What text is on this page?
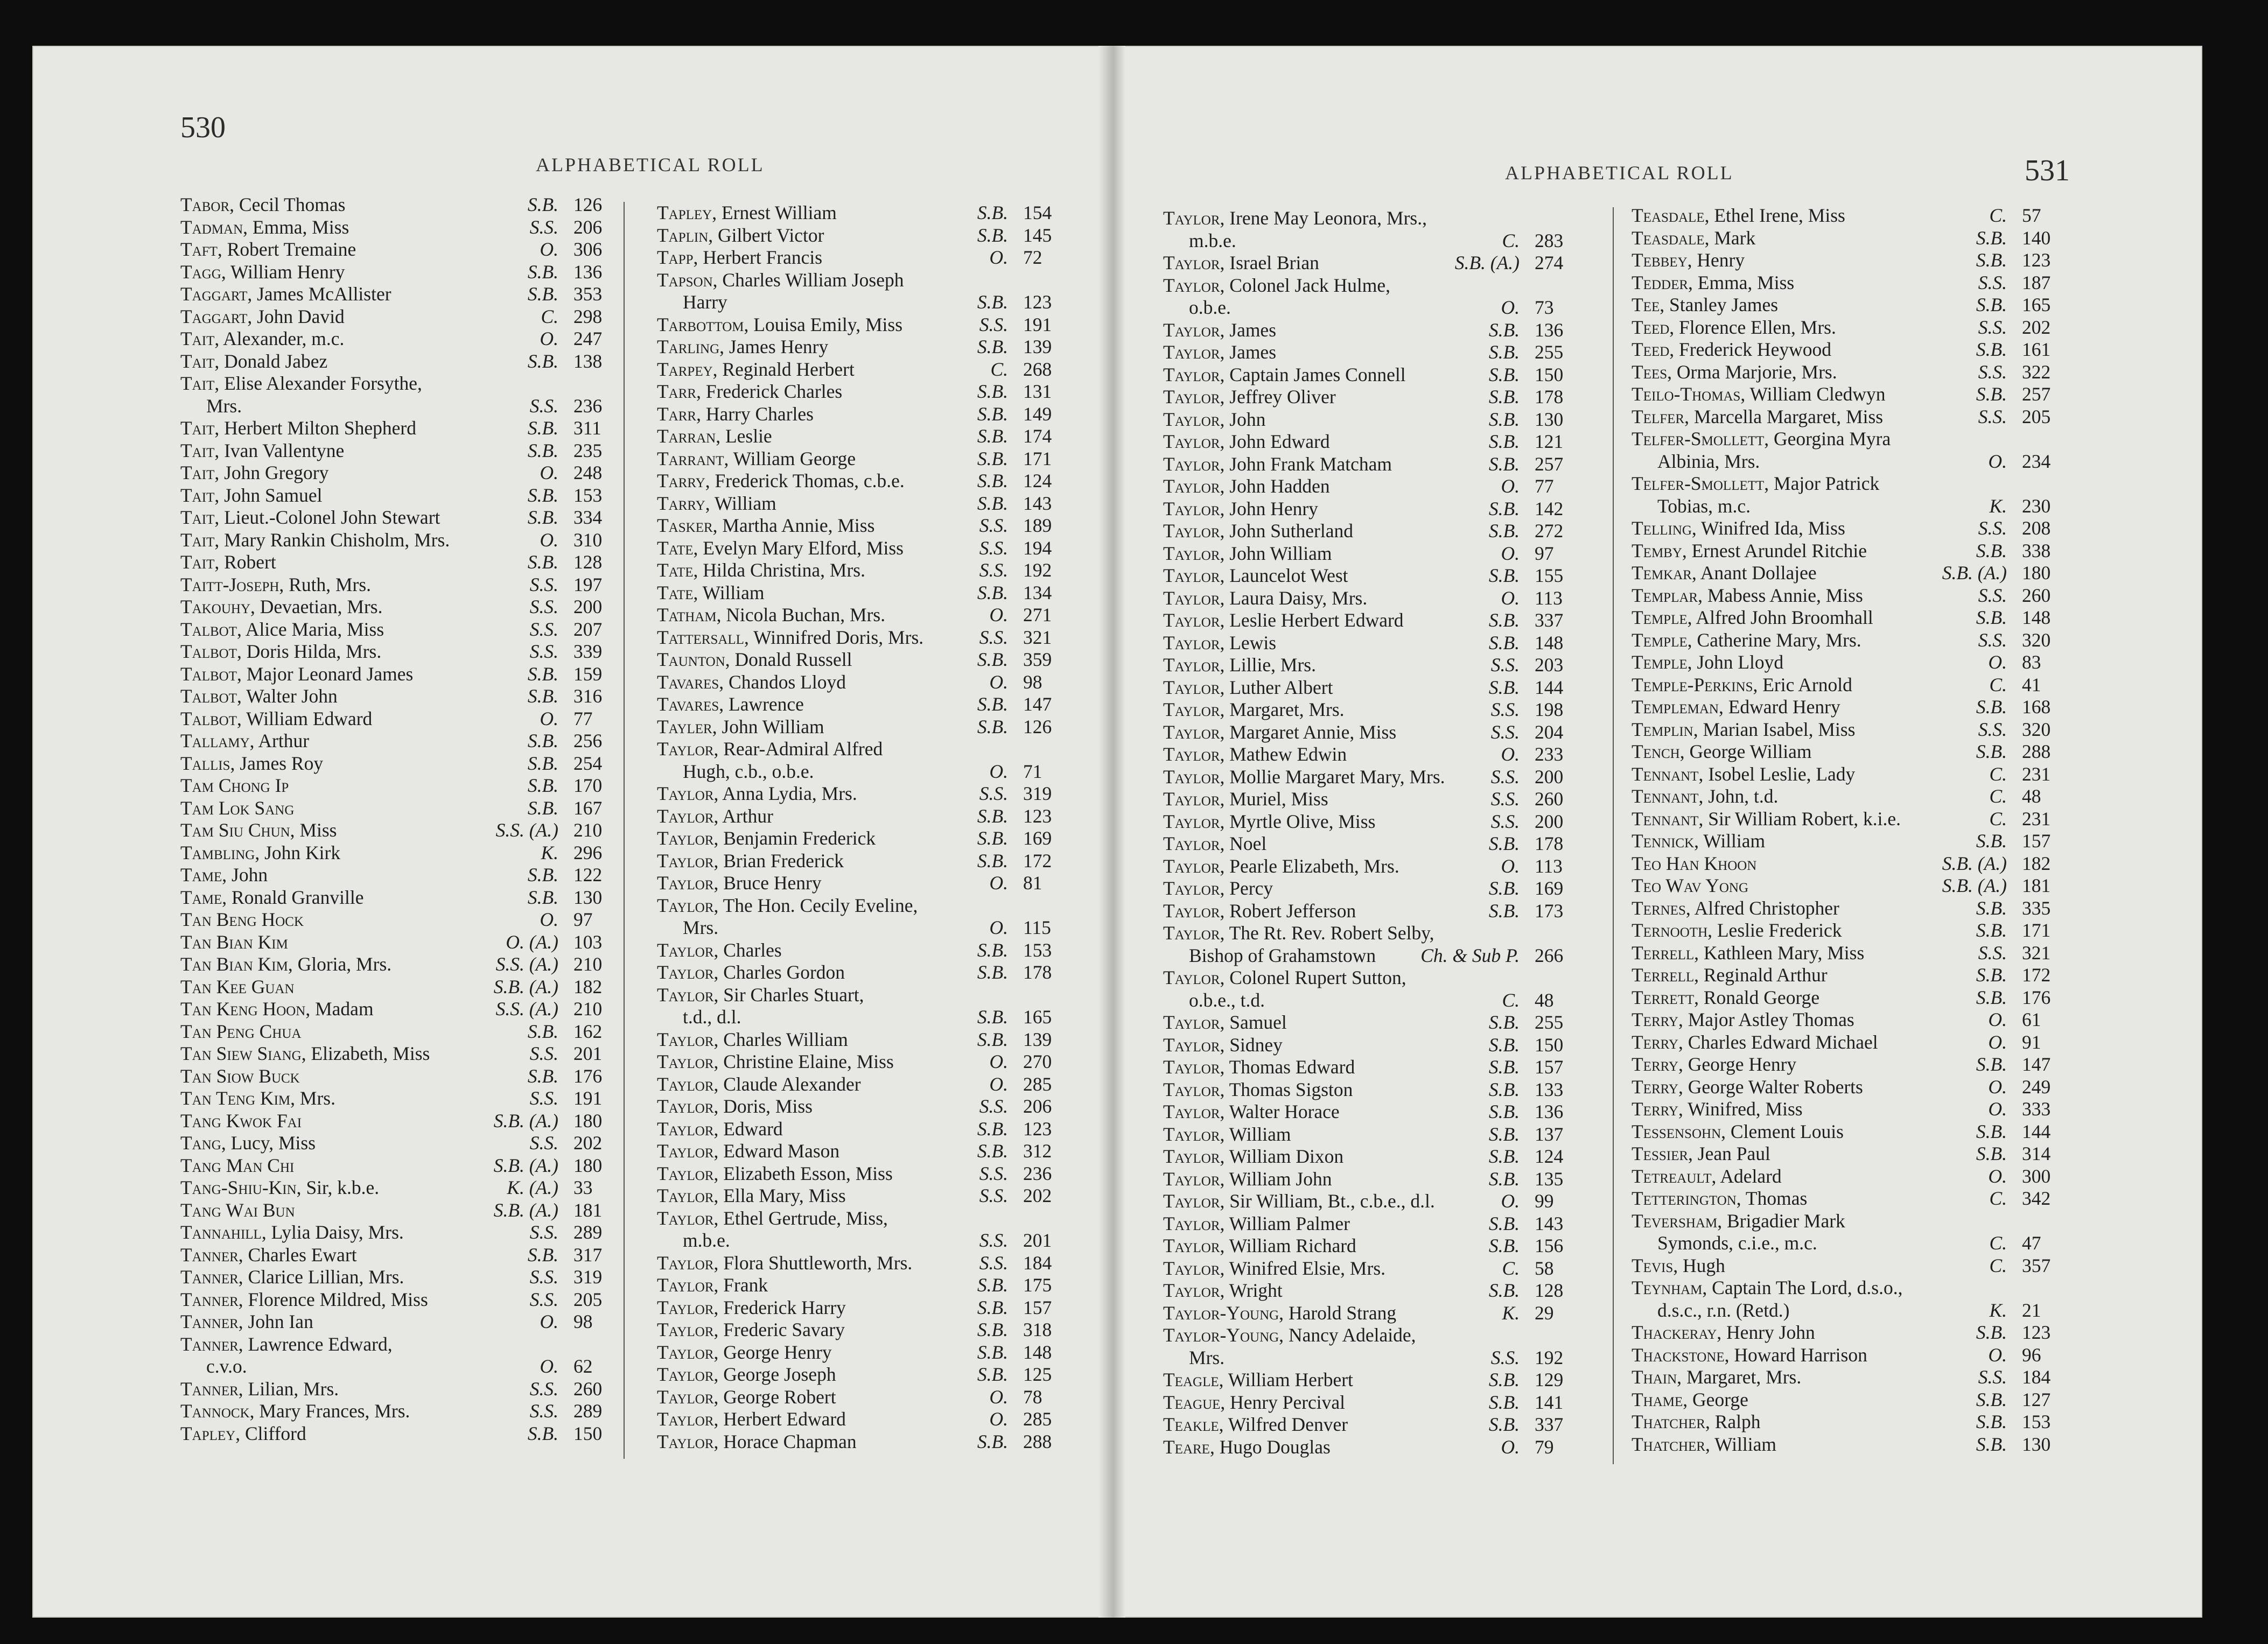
530
ALPHABETICAL ROLL	ALPHABETICAL ROLL	531
Tabor, Cecil Thomas	S.B. 126
Tadman, Emma, Miss	S.S. 206
Taft, Robert Tremaine	O. 306
Tagg, William Henry	S.B. 136
Taggart, James McAllister	S.B. 353
Taggart, John David	C. 298
Tait, Alexander, m.c.	O. 247
Tait, Donald Jabez	S.B. 138
Tait, Elise Alexander Forsythe,
Mrs.	S.S. 236
Tait, Herbert Milton Shepherd	S.B. 311
Tait, Ivan Vallentyne	S.B. 235
Tait, John Gregory	O. 248
Tait, John Samuel	S.B. 153
Tait, Lieut.-Colonel John Stewart	S.B. 334
Tait, Mary Rankin Chisholm, Mrs.	O. 310
Tait, Robert	S.B. 128
Taitt-Joseph, Ruth, Mrs.	S.S. 197
Takouhy, Devaetian, Mrs.	S.S. 200
Talbot, Alice Maria, Miss	S.S. 207
Talbot, Doris Hilda, Mrs.	S.S. 339
Talbot, Major Leonard James	S.B. 159
Talbot, Walter John	S.B. 316
Talbot, William Edward	O. 77
Tallamy, Arthur	S.B. 256
Tallis, James Roy	S.B. 254
Tam Chong Ip	S.B. 170
Tam Lok Sang	S.B. 167
Tam Siu Chun, Miss	S.S. (A.) 210
Tambling, John Kirk	K. 296
Tame, John	S.B. 122
Tame, Ronald Granville	S.B. 130
Tan Beng Hock	O. 97
Tan Bian Kim	O. (A.) 103
Tan Bian Kim, Gloria, Mrs.	S.S. (A.) 210
Tan Kee Guan	S.B. (A.) 182
Tan Keng Hoon, Madam	S.S. (A.) 210
Tan Peng Chua	S.B. 162
Tan Siew Siang, Elizabeth, Miss	S.S. 201
Tan Siow Buck	S.B. 176
Tan Teng Kim, Mrs.	S.S. 191
Tang Kwok Fai	S.B. (A.) 180
Tang, Lucy, Miss	S.S. 202
Tang Man Chi	S.B. (A.) 180
Tang-Shiu-Kin, Sir, k.b.e.	K. (A.) 33
Tang Wai Bun	S.B. (A.) 181
Tannahill, Lylia Daisy, Mrs.	S.S. 289
Tanner, Charles Ewart	S.B. 317
Tanner, Clarice Lillian, Mrs.	S.S. 319
Tanner, Florence Mildred, Miss	S.S. 205
Tanner, John Ian	O. 98
Tanner, Lawrence Edward,
c.v.o.	O. 62
Tanner, Lilian, Mrs.	S.S. 260
Tannock, Mary Frances, Mrs.	S.S. 289
Tapley, Clifford	S.B. 150
Tapley, Ernest William	S.B. 154
Taplin, Gilbert Victor	S.B. 145
Tapp, Herbert Francis	O. 72
Tapson, Charles William Joseph
Harry	S.B. 123
Tarbottom, Louisa Emily, Miss	S.S. 191
Tarling, James Henry	S.B. 139
Tarpey, Reginald Herbert	C. 268
Tarr, Frederick Charles	S.B. 131
Tarr, Harry Charles	S.B. 149
Tarran, Leslie	S.B. 174
Tarrant, William George	S.B. 171
Tarry, Frederick Thomas, c.b.e.	S.B. 124
Tarry, William	S.B. 143
Tasker, Martha Annie, Miss	S.S. 189
Tate, Evelyn Mary Elford, Miss	S.S. 194
Tate, Hilda Christina, Mrs.	S.S. 192
Tate, William	S.B. 134
Tatham, Nicola Buchan, Mrs.	O. 271
Tattersall, Winnifred Doris, Mrs.	S.S. 321
Taunton, Donald Russell	S.B. 359
Tavares, Chandos Lloyd	O. 98
Tavares, Lawrence	S.B. 147
Tayler, John William	S.B. 126
Taylor, Rear-Admiral Alfred
Hugh, c.b., o.b.e.	O. 71
Taylor, Anna Lydia, Mrs.	S.S. 319
Taylor, Arthur	S.B. 123
Taylor, Benjamin Frederick	S.B. 169
Taylor, Brian Frederick	S.B. 172
Taylor, Bruce Henry	O. 81
Taylor, The Hon. Cecily Eveline,
Mrs.	O. 115
Taylor, Charles	S.B. 153
Taylor, Charles Gordon	S.B. 178
Taylor, Sir Charles Stuart,
t.d., d.l.	S.B. 165
Taylor, Charles William	S.B. 139
Taylor, Christine Elaine, Miss	O. 270
Taylor, Claude Alexander	O. 285
Taylor, Doris, Miss	S.S. 206
Taylor, Edward	S.B. 123
Taylor, Edward Mason	S.B. 312
Taylor, Elizabeth Esson, Miss	S.S. 236
Taylor, Ella Mary, Miss	S.S. 202
Taylor, Ethel Gertrude, Miss,
m.b.e.	S.S. 201
Taylor, Flora Shuttleworth, Mrs.	S.S. 184
Taylor, Frank	S.B. 175
Taylor, Frederick Harry	S.B. 157
Taylor, Frederic Savary	S.B. 318
Taylor, George Henry	S.B. 148
Taylor, George Joseph	S.B. 125
Taylor, George Robert	O. 78
Taylor, Herbert Edward	O. 285
Taylor, Horace Chapman	S.B. 288
Taylor, Irene May Leonora, Mrs.,
m.b.e.	C. 283
Taylor, Israel Brian	S.B. (A.) 274
Taylor, Colonel Jack Hulme,
o.b.e.	O. 73
Taylor, James	S.B. 136
Taylor, James	S.B. 255
Taylor, Captain James Connell	S.B. 150
Taylor, Jeffrey Oliver	S.B. 178
Taylor, John	S.B. 130
Taylor, John Edward	S.B. 121
Taylor, John Frank Matcham	S.B. 257
Taylor, John Hadden	O. 77
Taylor, John Henry	S.B. 142
Taylor, John Sutherland	S.B. 272
Taylor, John William	O. 97
Taylor, Launcelot West	S.B. 155
Taylor, Laura Daisy, Mrs.	O. 113
Taylor, Leslie Herbert Edward	S.B. 337
Taylor, Lewis	S.B. 148
Taylor, Lillie, Mrs.	S.S. 203
Taylor, Luther Albert	S.B. 144
Taylor, Margaret, Mrs.	S.S. 198
Taylor, Margaret Annie, Miss	S.S. 204
Taylor, Mathew Edwin	O. 233
Taylor, Mollie Margaret Mary, Mrs.	S.S. 200
Taylor, Muriel, Miss	S.S. 260
Taylor, Myrtle Olive, Miss	S.S. 200
Taylor, Noel	S.B. 178
Taylor, Pearle Elizabeth, Mrs.	O. 113
Taylor, Percy	S.B. 169
Taylor, Robert Jefferson	S.B. 173
Taylor, The Rt. Rev. Robert Selby,
Bishop of Grahamstown	Ch. & Sub P. 266
Taylor, Colonel Rupert Sutton,
o.b.e., t.d.	C. 48
Taylor, Samuel	S.B. 255
Taylor, Sidney	S.B. 150
Taylor, Thomas Edward	S.B. 157
Taylor, Thomas Sigston	S.B. 133
Taylor, Walter Horace	S.B. 136
Taylor, William	S.B. 137
Taylor, William Dixon	S.B. 124
Taylor, William John	S.B. 135
Taylor, Sir William, Bt., c.b.e., d.l.	O. 99
Taylor, William Palmer	S.B. 143
Taylor, William Richard	S.B. 156
Taylor, Winifred Elsie, Mrs.	C. 58
Taylor, Wright	S.B. 128
Taylor-Young, Harold Strang	K. 29
Taylor-Young, Nancy Adelaide,
Mrs.	S.S. 192
Teagle, William Herbert	S.B. 129
Teague, Henry Percival	S.B. 141
Teakle, Wilfred Denver	S.B. 337
Teare, Hugo Douglas	O. 79
Teasdale, Ethel Irene, Miss	C. 57
Teasdale, Mark	S.B. 140
Tebbey, Henry	S.B. 123
Tedder, Emma, Miss	S.S. 187
Tee, Stanley James	S.B. 165
Teed, Florence Ellen, Mrs.	S.S. 202
Teed, Frederick Heywood	S.B. 161
Tees, Orma Marjorie, Mrs.	S.S. 322
Teilo-Thomas, William Cledwyn	S.B. 257
Telfer, Marcella Margaret, Miss	S.S. 205
Telfer-Smollett, Georgina Myra
Albinia, Mrs.	O. 234
Telfer-Smollett, Major Patrick
Tobias, m.c.	K. 230
Telling, Winifred Ida, Miss	S.S. 208
Temby, Ernest Arundel Ritchie	S.B. 338
Temkar, Anant Dollajee	S.B. (A.) 180
Templar, Mabess Annie, Miss	S.S. 260
Temple, Alfred John Broomhall	S.B. 148
Temple, Catherine Mary, Mrs.	S.S. 320
Temple, John Lloyd	O. 83
Temple-Perkins, Eric Arnold	C. 41
Templeman, Edward Henry	S.B. 168
Templin, Marian Isabel, Miss	S.S. 320
Tench, George William	S.B. 288
Tennant, Isobel Leslie, Lady	C. 231
Tennant, John, t.d.	C. 48
Tennant, Sir William Robert, k.i.e.	C. 231
Tennick, William	S.B. 157
Teo Han Khoon	S.B. (A.) 182
Teo Wav Yong	S.B. (A.) 181
Ternes, Alfred Christopher	S.B. 335
Ternooth, Leslie Frederick	S.B. 171
Terrell, Kathleen Mary, Miss	S.S. 321
Terrell, Reginald Arthur	S.B. 172
Terrett, Ronald George	S.B. 176
Terry, Major Astley Thomas	O. 61
Terry, Charles Edward Michael	O. 91
Terry, George Henry	S.B. 147
Terry, George Walter Roberts	O. 249
Terry, Winifred, Miss	O. 333
Tessensohn, Clement Louis	S.B. 144
Tessier, Jean Paul	S.B. 314
Tetreault, Adelard	O. 300
Tetterington, Thomas	C. 342
Teversham, Brigadier Mark
Symonds, c.i.e., m.c.	C. 47
Tevis, Hugh	C. 357
Teynham, Captain The Lord, d.s.o.,
d.s.c., r.n. (Retd.)	K. 21
Thackeray, Henry John	S.B. 123
Thackstone, Howard Harrison	O. 96
Thain, Margaret, Mrs.	S.S. 184
Thame, George	S.B. 127
Thatcher, Ralph	S.B. 153
Thatcher, William	S.B. 130
